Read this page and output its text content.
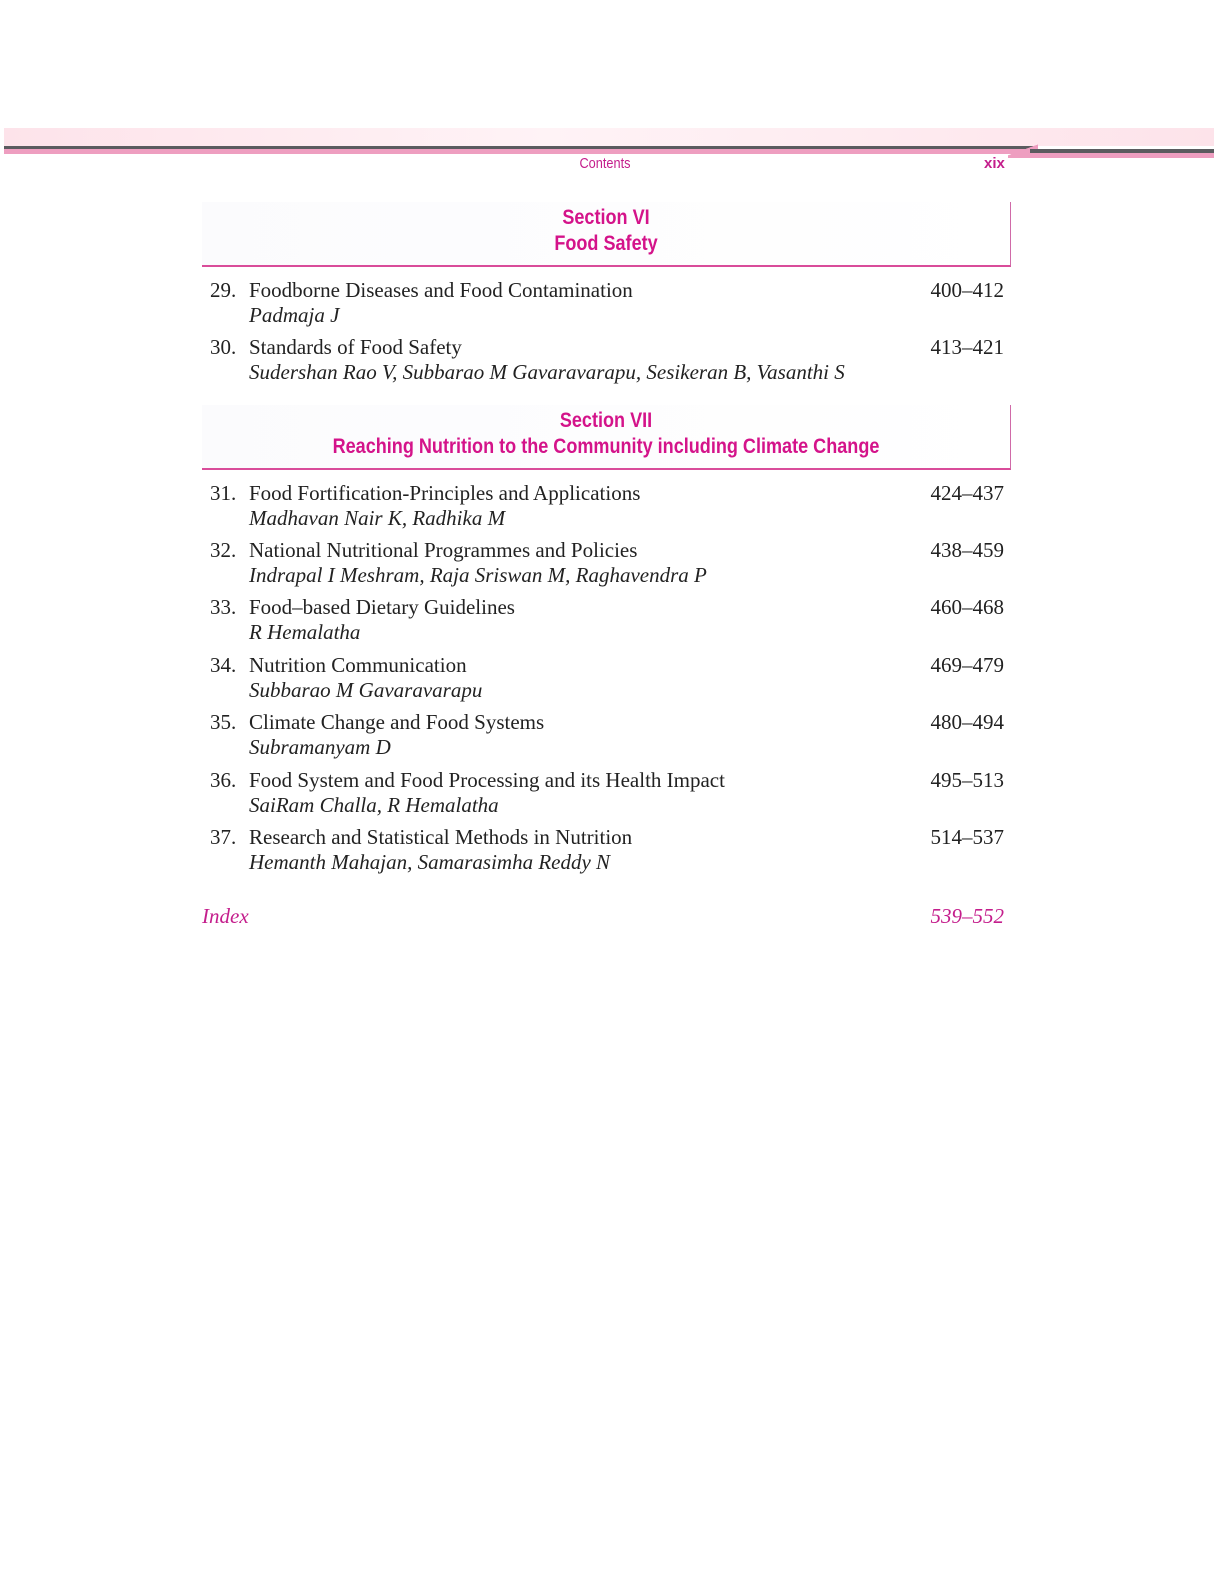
Contents	xix
Section VI
Food Safety
29. Foodborne Diseases and Food Contamination	400–412
Padmaja J
30. Standards of Food Safety	413–421
Sudershan Rao V, Subbarao M Gavaravarapu, Sesikeran B, Vasanthi S
Section VII
Reaching Nutrition to the Community including Climate Change
31. Food Fortification-Principles and Applications	424–437
Madhavan Nair K, Radhika M
32. National Nutritional Programmes and Policies	438–459
Indrapal I Meshram, Raja Sriswan M, Raghavendra P
33. Food–based Dietary Guidelines	460–468
R Hemalatha
34. Nutrition Communication	469–479
Subbarao M Gavaravarapu
35. Climate Change and Food Systems	480–494
Subramanyam D
36. Food System and Food Processing and its Health Impact	495–513
SaiRam Challa, R Hemalatha
37. Research and Statistical Methods in Nutrition	514–537
Hemanth Mahajan, Samarasimha Reddy N
Index	539–552
